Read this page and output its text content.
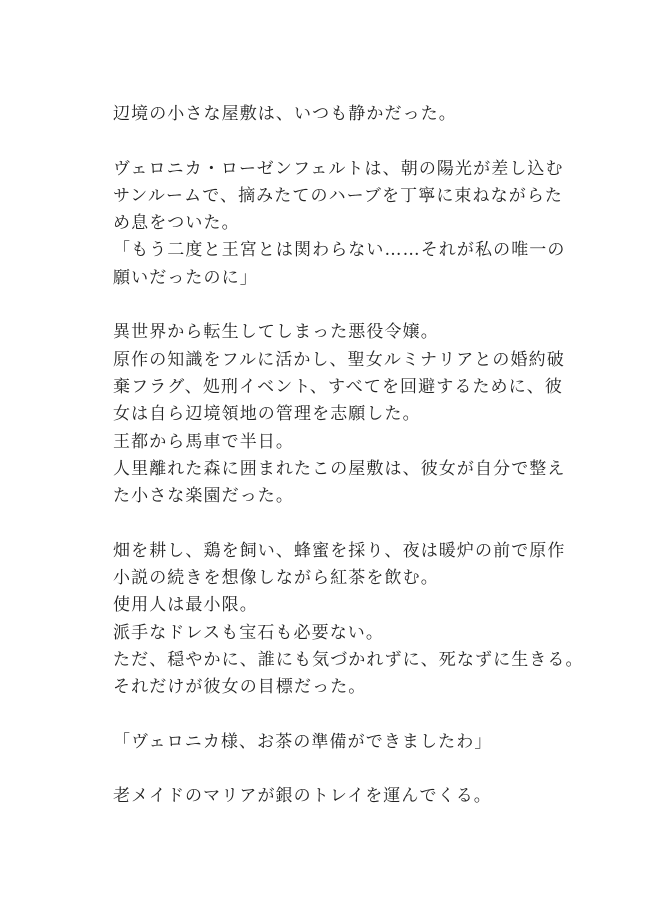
辺境の小さな屋敷は、いつも静かだった。
ヴェロニカ・ローゼンフェルトは、朝の陽光が差し込む
サンルームで、摘みたてのハーブを丁寧に束ねながらた
め息をついた。
「もう二度と王宮とは関わらない……それが私の唯一の
願いだったのに」
異世界から転生してしまった悪役令嬢。
原作の知識をフルに活かし、聖女ルミナリアとの婚約破
棄フラグ、処刑イベント、すべてを回避するために、彼
女は自ら辺境領地の管理を志願した。
王都から馬車で半日。
人里離れた森に囲まれたこの屋敷は、彼女が自分で整え
た小さな楽園だった。
畑を耕し、鶏を飼い、蜂蜜を採り、夜は暖炉の前で原作
小説の続きを想像しながら紅茶を飲む。
使用人は最小限。
派手なドレスも宝石も必要ない。
ただ、穏やかに、誰にも気づかれずに、死なずに生きる。
それだけが彼女の目標だった。
「ヴェロニカ様、お茶の準備ができましたわ」
老メイドのマリアが銀のトレイを運んでくる。
